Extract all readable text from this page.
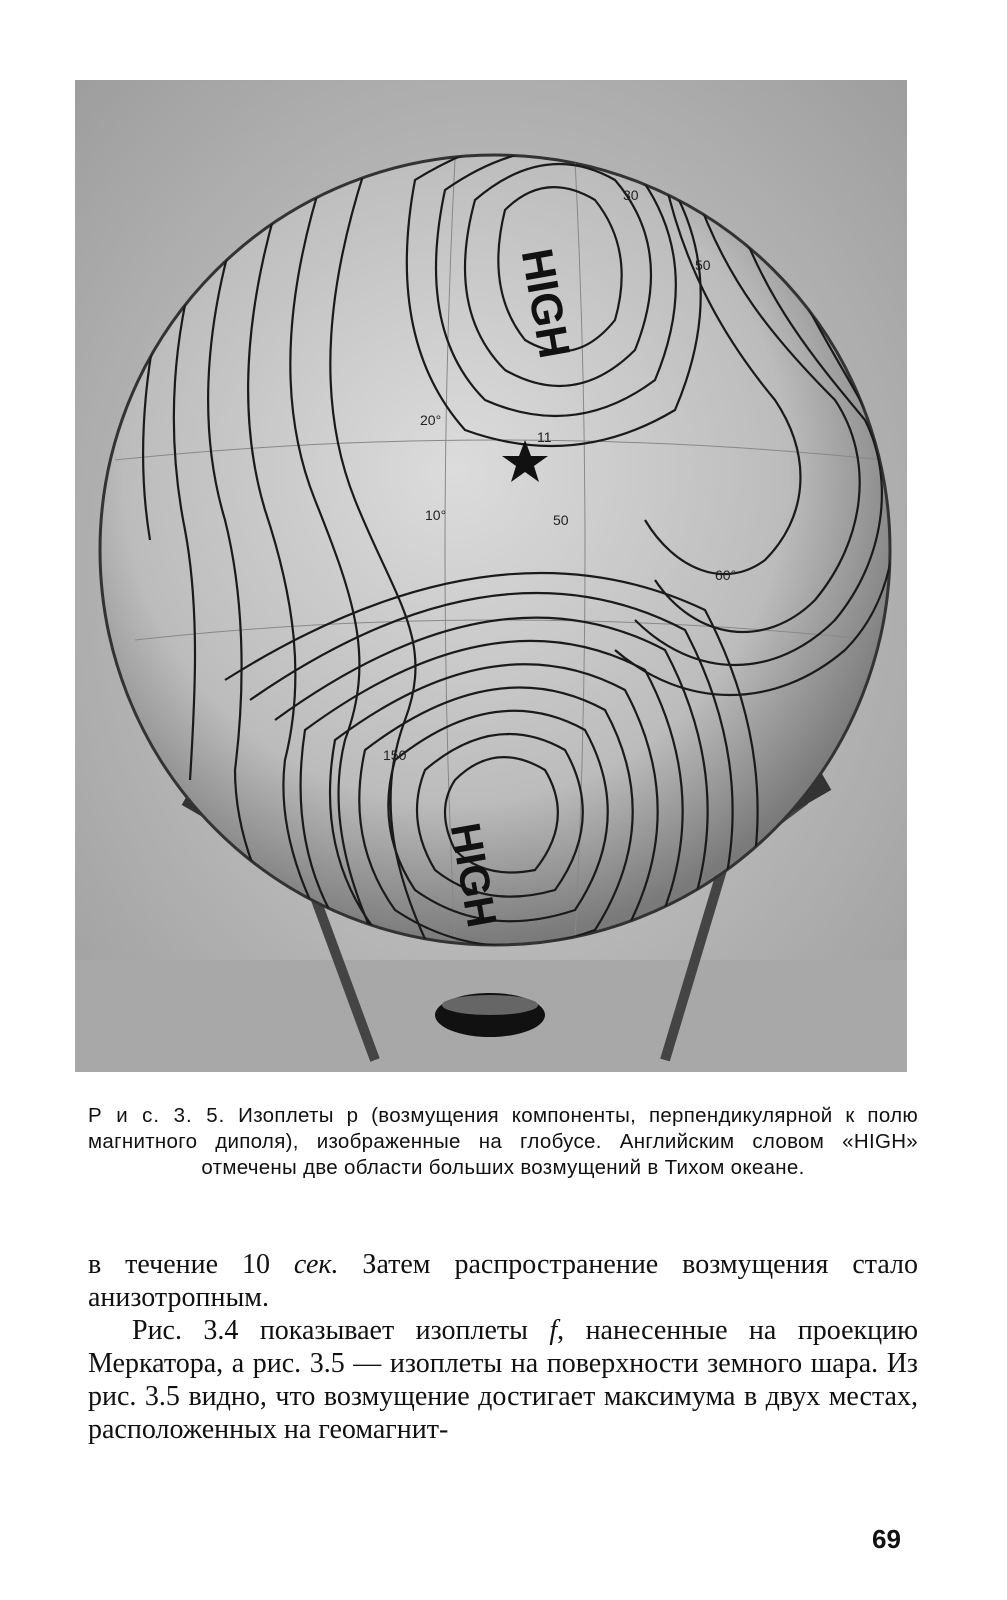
HIGH
HIGH
30
50
50
60°
10°
20°
150
11
Р и с. 3. 5. Изоплеты p (возмущения компоненты, перпендикулярной к полю магнитного диполя), изображенные на глобусе. Английским словом «HIGH» отмечены две области больших возмущений в Тихом океане.

в течение 10 сек. Затем распространение возмущения стало анизотропным.

Рис. 3.4 показывает изоплеты f, нанесенные на проекцию Меркатора, а рис. 3.5 — изоплеты на поверхности земного шара. Из рис. 3.5 видно, что возмущение достигает максимума в двух местах, расположенных на геомагнит-

69
